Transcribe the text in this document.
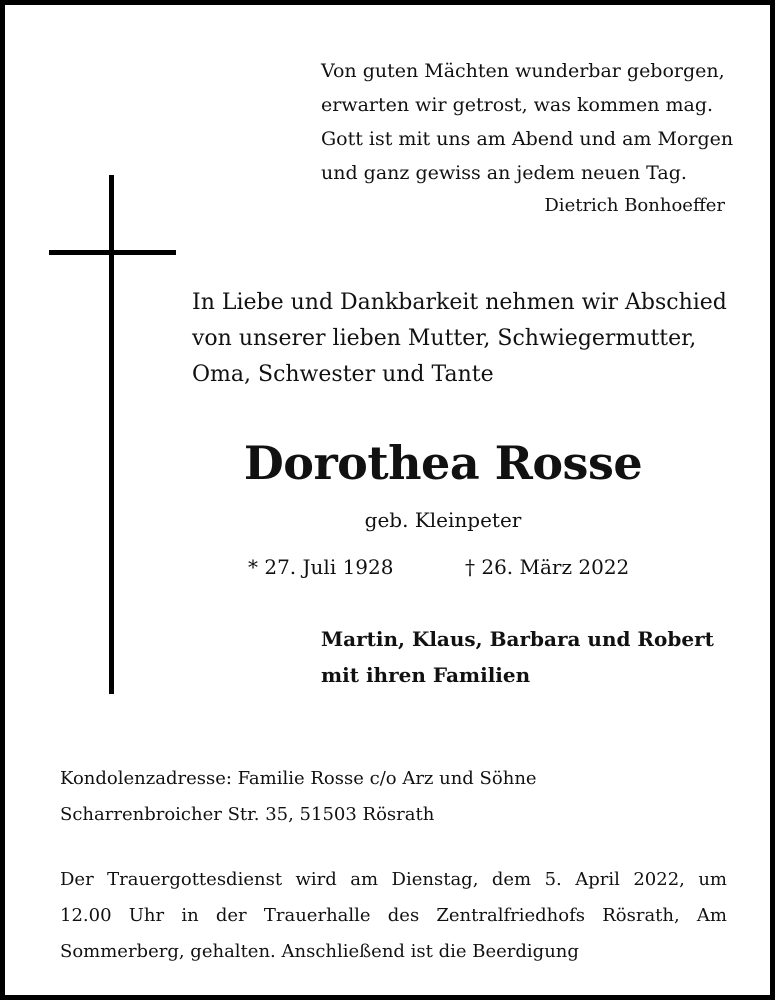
Von guten Mächten wunderbar geborgen,
erwarten wir getrost, was kommen mag.
Gott ist mit uns am Abend und am Morgen
und ganz gewiss an jedem neuen Tag.
Dietrich Bonhoeffer
In Liebe und Dankbarkeit nehmen wir Abschied
von unserer lieben Mutter, Schwiegermutter,
Oma, Schwester und Tante
Dorothea Rosse
geb. Kleinpeter
* 27. Juli 1928	† 26. März 2022
Martin, Klaus, Barbara und Robert
mit ihren Familien
Kondolenzadresse: Familie Rosse c/o Arz und Söhne
Scharrenbroicher Str. 35, 51503 Rösrath
Der Trauergottesdienst wird am Dienstag, dem 5. April 2022, um
12.00 Uhr in der Trauerhalle des Zentralfriedhofs Rösrath, Am
Sommerberg, gehalten. Anschließend ist die Beerdigung
